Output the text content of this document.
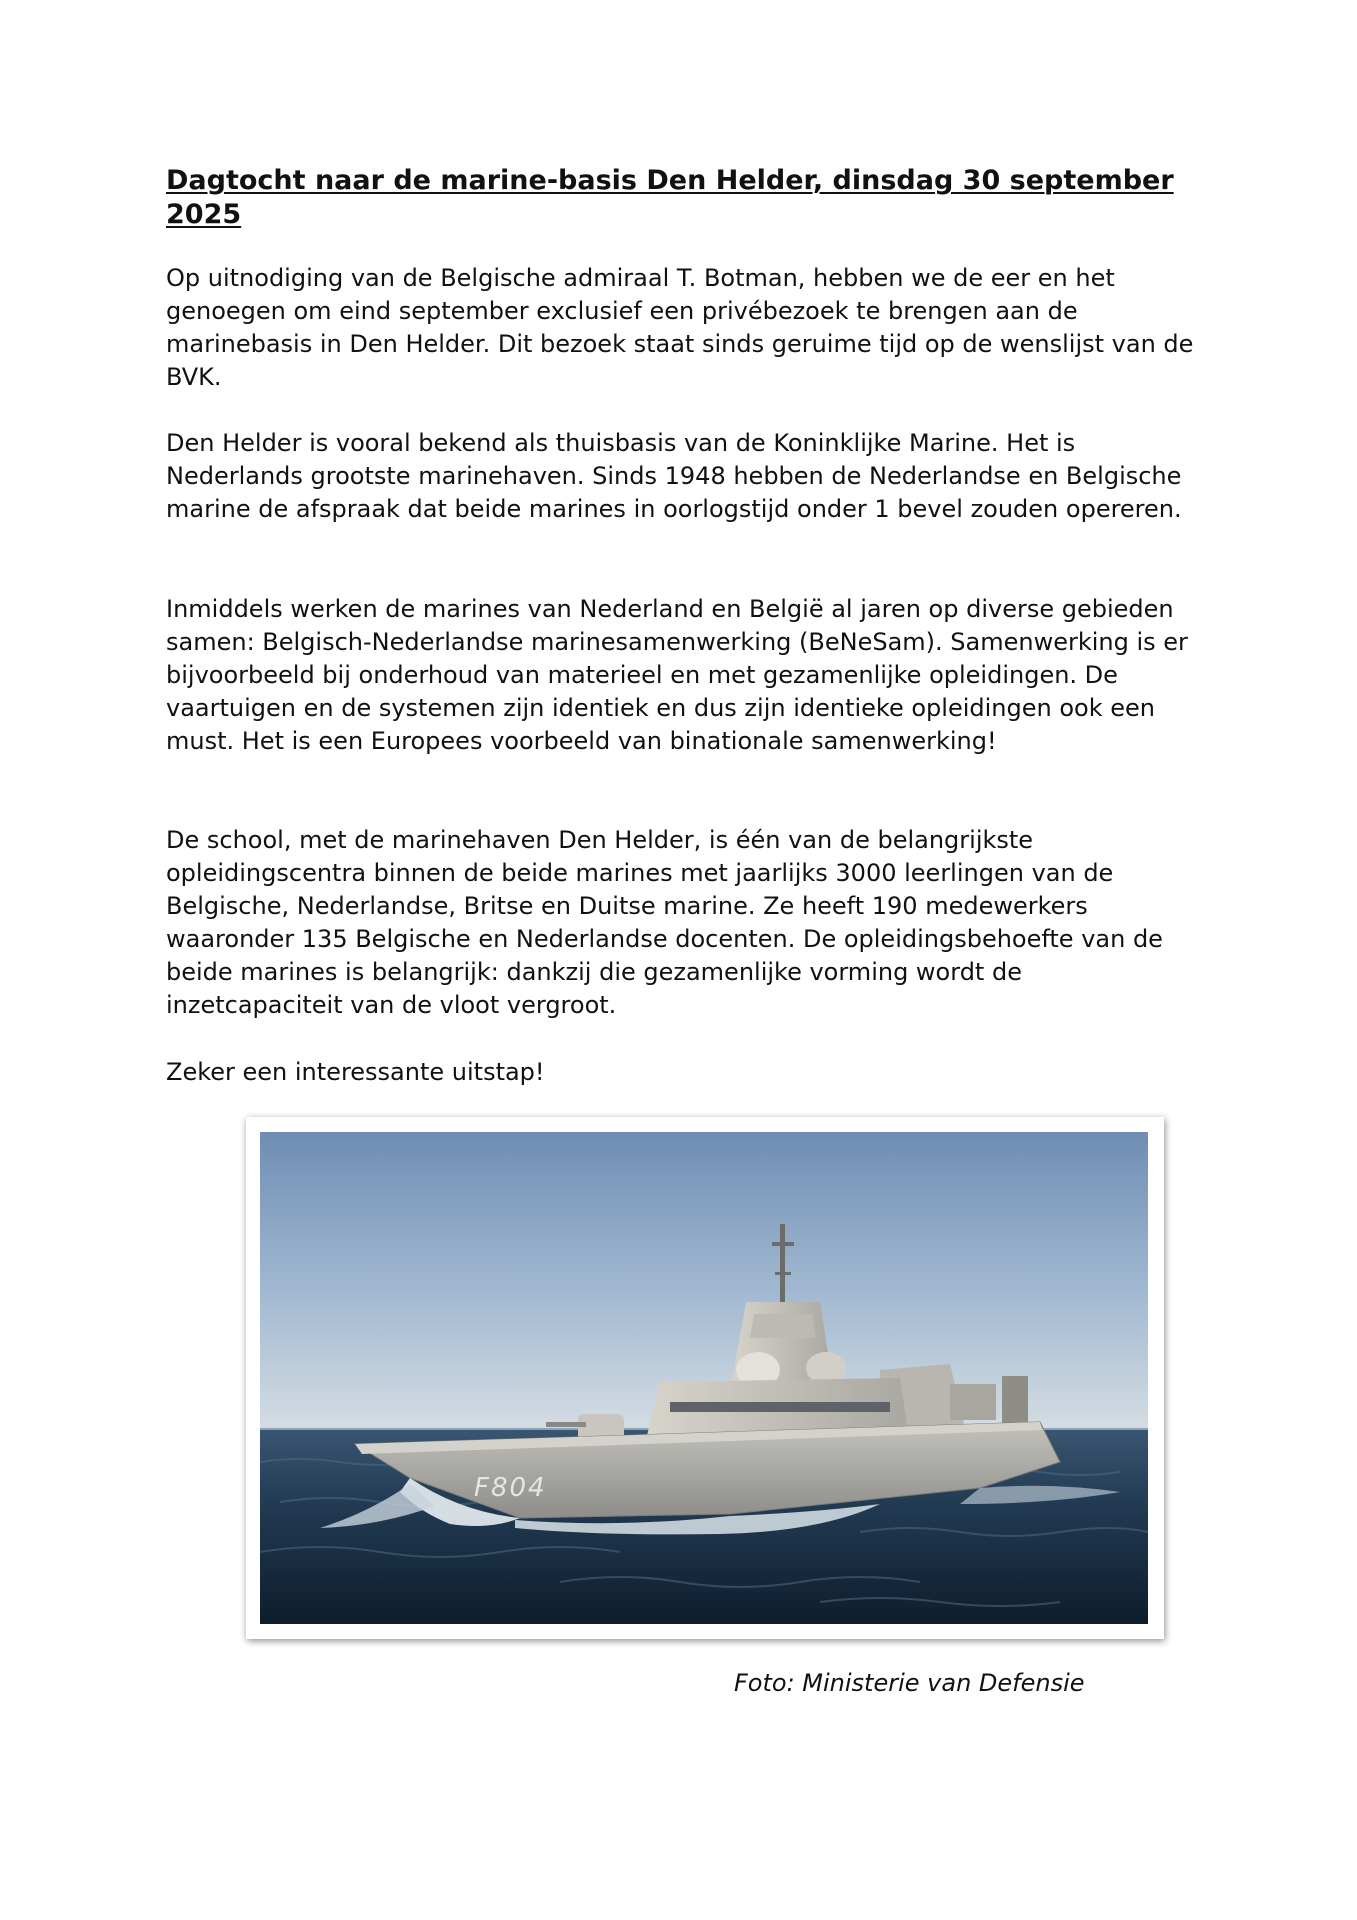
Dagtocht naar de marine-basis Den Helder, dinsdag 30 september 2025

Op uitnodiging van de Belgische admiraal T. Botman, hebben we de eer en het genoegen om eind september exclusief een privébezoek te brengen aan de marinebasis in Den Helder. Dit bezoek staat sinds geruime tijd op de wenslijst van de BVK.

Den Helder is vooral bekend als thuisbasis van de Koninklijke Marine. Het is Nederlands grootste marinehaven. Sinds 1948 hebben de Nederlandse en Belgische marine de afspraak dat beide marines in oorlogstijd onder 1 bevel zouden opereren.

Inmiddels werken de marines van Nederland en België al jaren op diverse gebieden samen: Belgisch-Nederlandse marinesamenwerking (BeNeSam). Samenwerking is er bijvoorbeeld bij onderhoud van materieel en met gezamenlijke opleidingen. De vaartuigen en de systemen zijn identiek en dus zijn identieke opleidingen ook een must. Het is een Europees voorbeeld van binationale samenwerking!

De school, met de marinehaven Den Helder, is één van de belangrijkste opleidingscentra binnen de beide marines met jaarlijks 3000 leerlingen van de Belgische, Nederlandse, Britse en Duitse marine. Ze heeft 190 medewerkers waaronder 135 Belgische en Nederlandse docenten. De opleidingsbehoefte van de beide marines is belangrijk: dankzij die gezamenlijke vorming wordt de inzetcapaciteit van de vloot vergroot.

Zeker een interessante uitstap!

F804

Foto: Ministerie van Defensie
